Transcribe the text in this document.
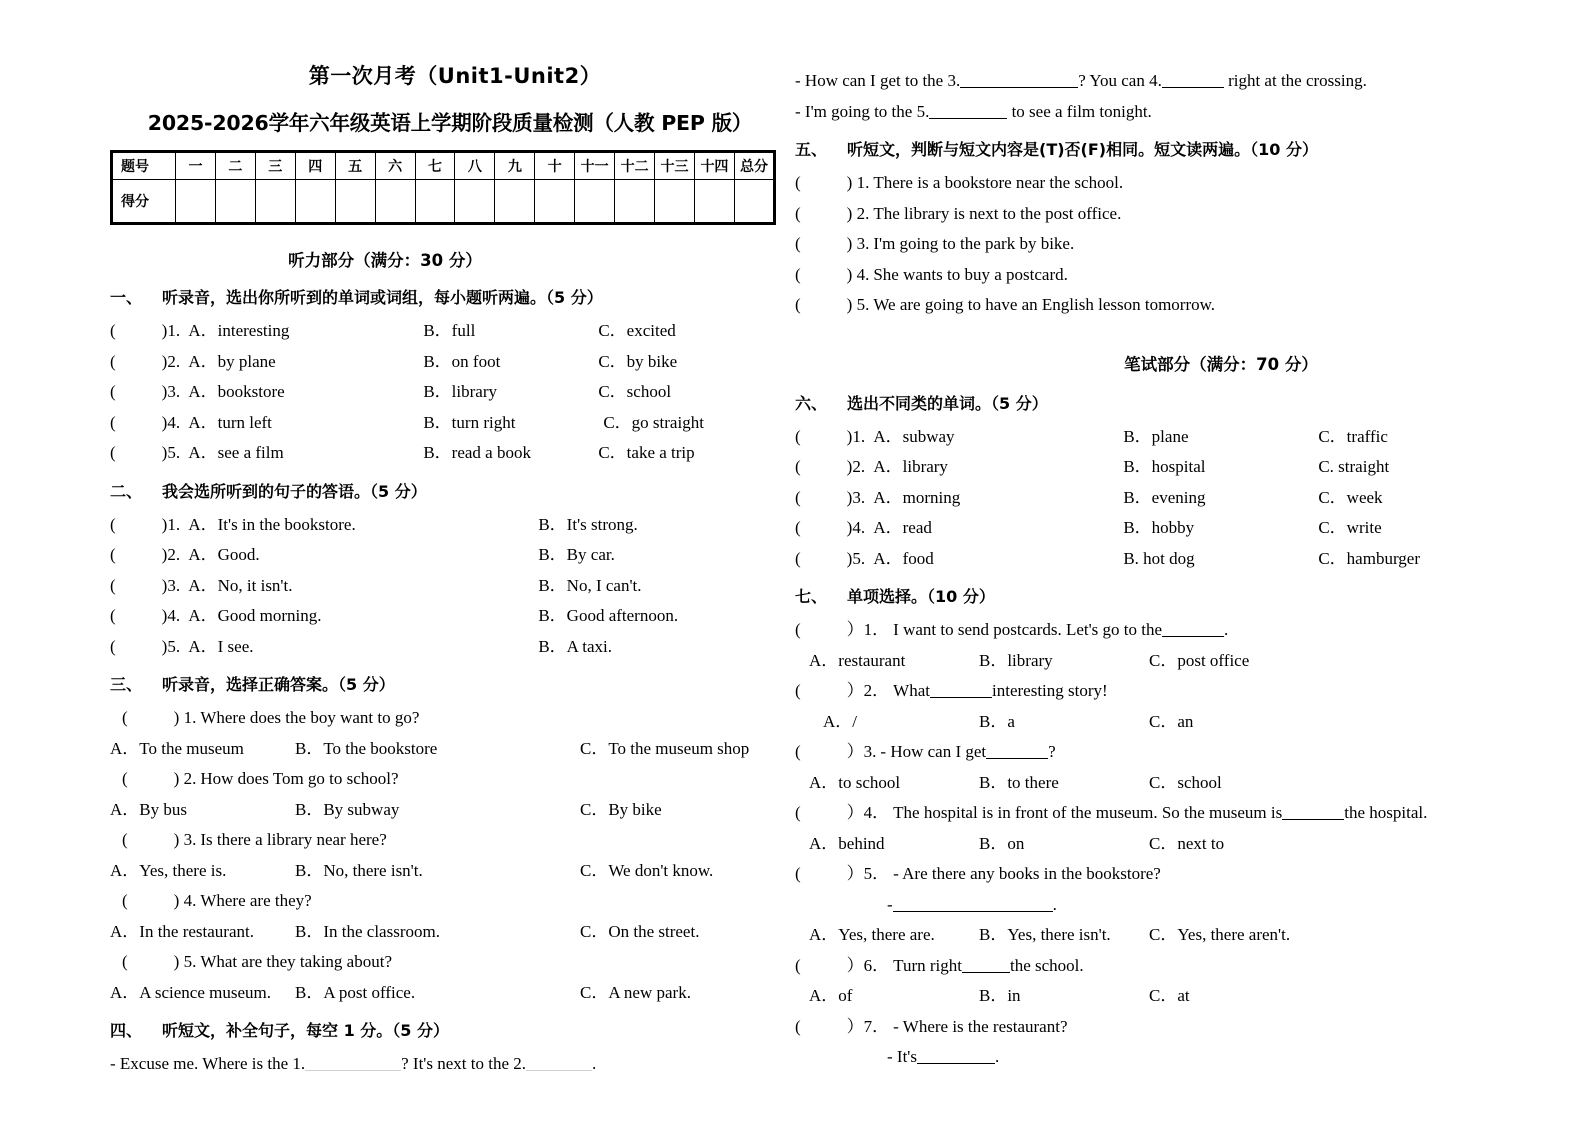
第一次月考（Unit1-Unit2）
2025-2026学年六年级英语上学期阶段质量检测（人教 PEP 版）
题号	一	二	三	四	五	六	七	八	九	十	十一	十二	十三	十四	总分
得分															
听力部分（满分：30 分）
一、 听录音，选出你所听到的单词或词组，每小题听两遍。（5 分）
(	)1. A．interesting	B．full	C．excited
(	)2. A．by plane	B．on foot	C．by bike
(	)3. A．bookstore	B．library	C．school
(	)4. A．turn left	B．turn right	C．go straight
(	)5. A．see a film	B．read a book	C．take a trip
二、 我会选所听到的句子的答语。（5 分）
(	)1. A．It's in the bookstore.	B．It's strong.
(	)2. A．Good.	B．By car.
(	)3. A．No, it isn't.	B．No, I can't.
(	)4. A．Good morning.	B．Good afternoon.
(	)5. A．I see.	B．A taxi.
三、 听录音，选择正确答案。（5 分）
(	) 1. Where does the boy want to go?
A．To the museum	B．To the bookstore	C．To the museum shop
(	) 2. How does Tom go to school?
A．By bus	B．By subway	C．By bike
(	) 3. Is there a library near here?
A．Yes, there is.	B．No, there isn't.	C．We don't know.
(	) 4. Where are they?
A．In the restaurant. B．In the classroom.	C．On the street.
(	) 5. What are they taking about?
A．A science museum. B．A post office.	C．A new park.
四、 听短文，补全句子，每空 1 分。（5 分）
- Excuse me. Where is the 1.	? It's next to the 2.	.
- How can I get to the 3.	? You can 4.	right at the crossing.
- I'm going to the 5.	to see a film tonight.
五、 听短文，判断与短文内容是(T)否(F)相同。短文读两遍。（10 分）
(	) 1. There is a bookstore near the school.
(	) 2. The library is next to the post office.
(	) 3. I'm going to the park by bike.
(	) 4. She wants to buy a postcard.
(	) 5. We are going to have an English lesson tomorrow.
笔试部分（满分：70 分）
六、 选出不同类的单词。（5 分）
(	)1. A．subway	B．plane	C．traffic
(	)2. A．library	B．hospital	C. straight
(	)3. A．morning	B．evening	C．week
(	)4. A．read	B．hobby	C．write
(	)5. A．food	B. hot dog	C．hamburger
七、 单项选择。（10 分）
(	）1． I want to send postcards. Let's go to the	.
A．restaurant	B．library	C．post office
(	）2． What	interesting story!
A．/	B．a	C．an
(	）3. - How can I get	?
A．to school	B．to there	C．school
(	）4． The hospital is in front of the museum. So the museum is	the hospital.
A．behind	B．on	C．next to
(	）5． - Are there any books in the bookstore?
-	.
A．Yes, there are.	B．Yes, there isn't. C．Yes, there aren't.
(	）6． Turn right	the school.
A．of	B．in	C．at
(	）7． - Where is the restaurant?
- It's	.
